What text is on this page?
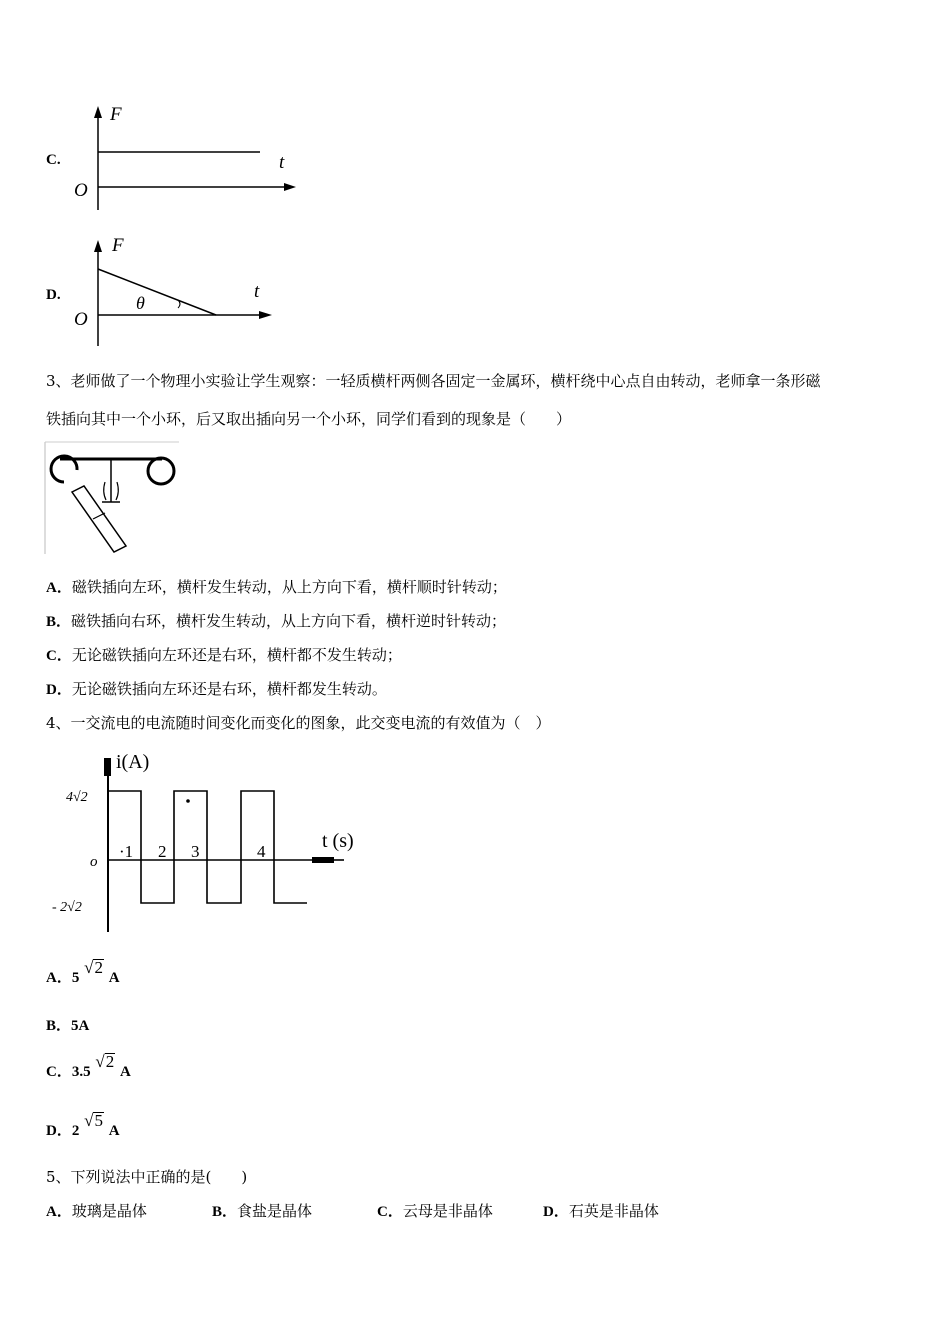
C.
F
t
O
D.
F
t
O
θ
3、老师做了一个物理小实验让学生观察：一轻质横杆两侧各固定一金属环，横杆绕中心点自由转动，老师拿一条形磁
铁插向其中一个小环，后又取出插向另一个小环，同学们看到的现象是（　　）
A．磁铁插向左环，横杆发生转动，从上方向下看，横杆顺时针转动；
B．磁铁插向右环，横杆发生转动，从上方向下看，横杆逆时针转动；
C．无论磁铁插向左环还是右环，横杆都不发生转动；
D．无论磁铁插向左环还是右环，横杆都发生转动。
4、一交流电的电流随时间变化而变化的图象，此交变电流的有效值为（　）
i(A)
t (s)
o
4√2
- 2√2
·1 2 3	4
A．5 √2 A
B．5A
C．3.5 √2 A
D．2 √5 A
5、下列说法中正确的是(　　)
A．玻璃是晶体	B．食盐是晶体	C．云母是非晶体	D．石英是非晶体
